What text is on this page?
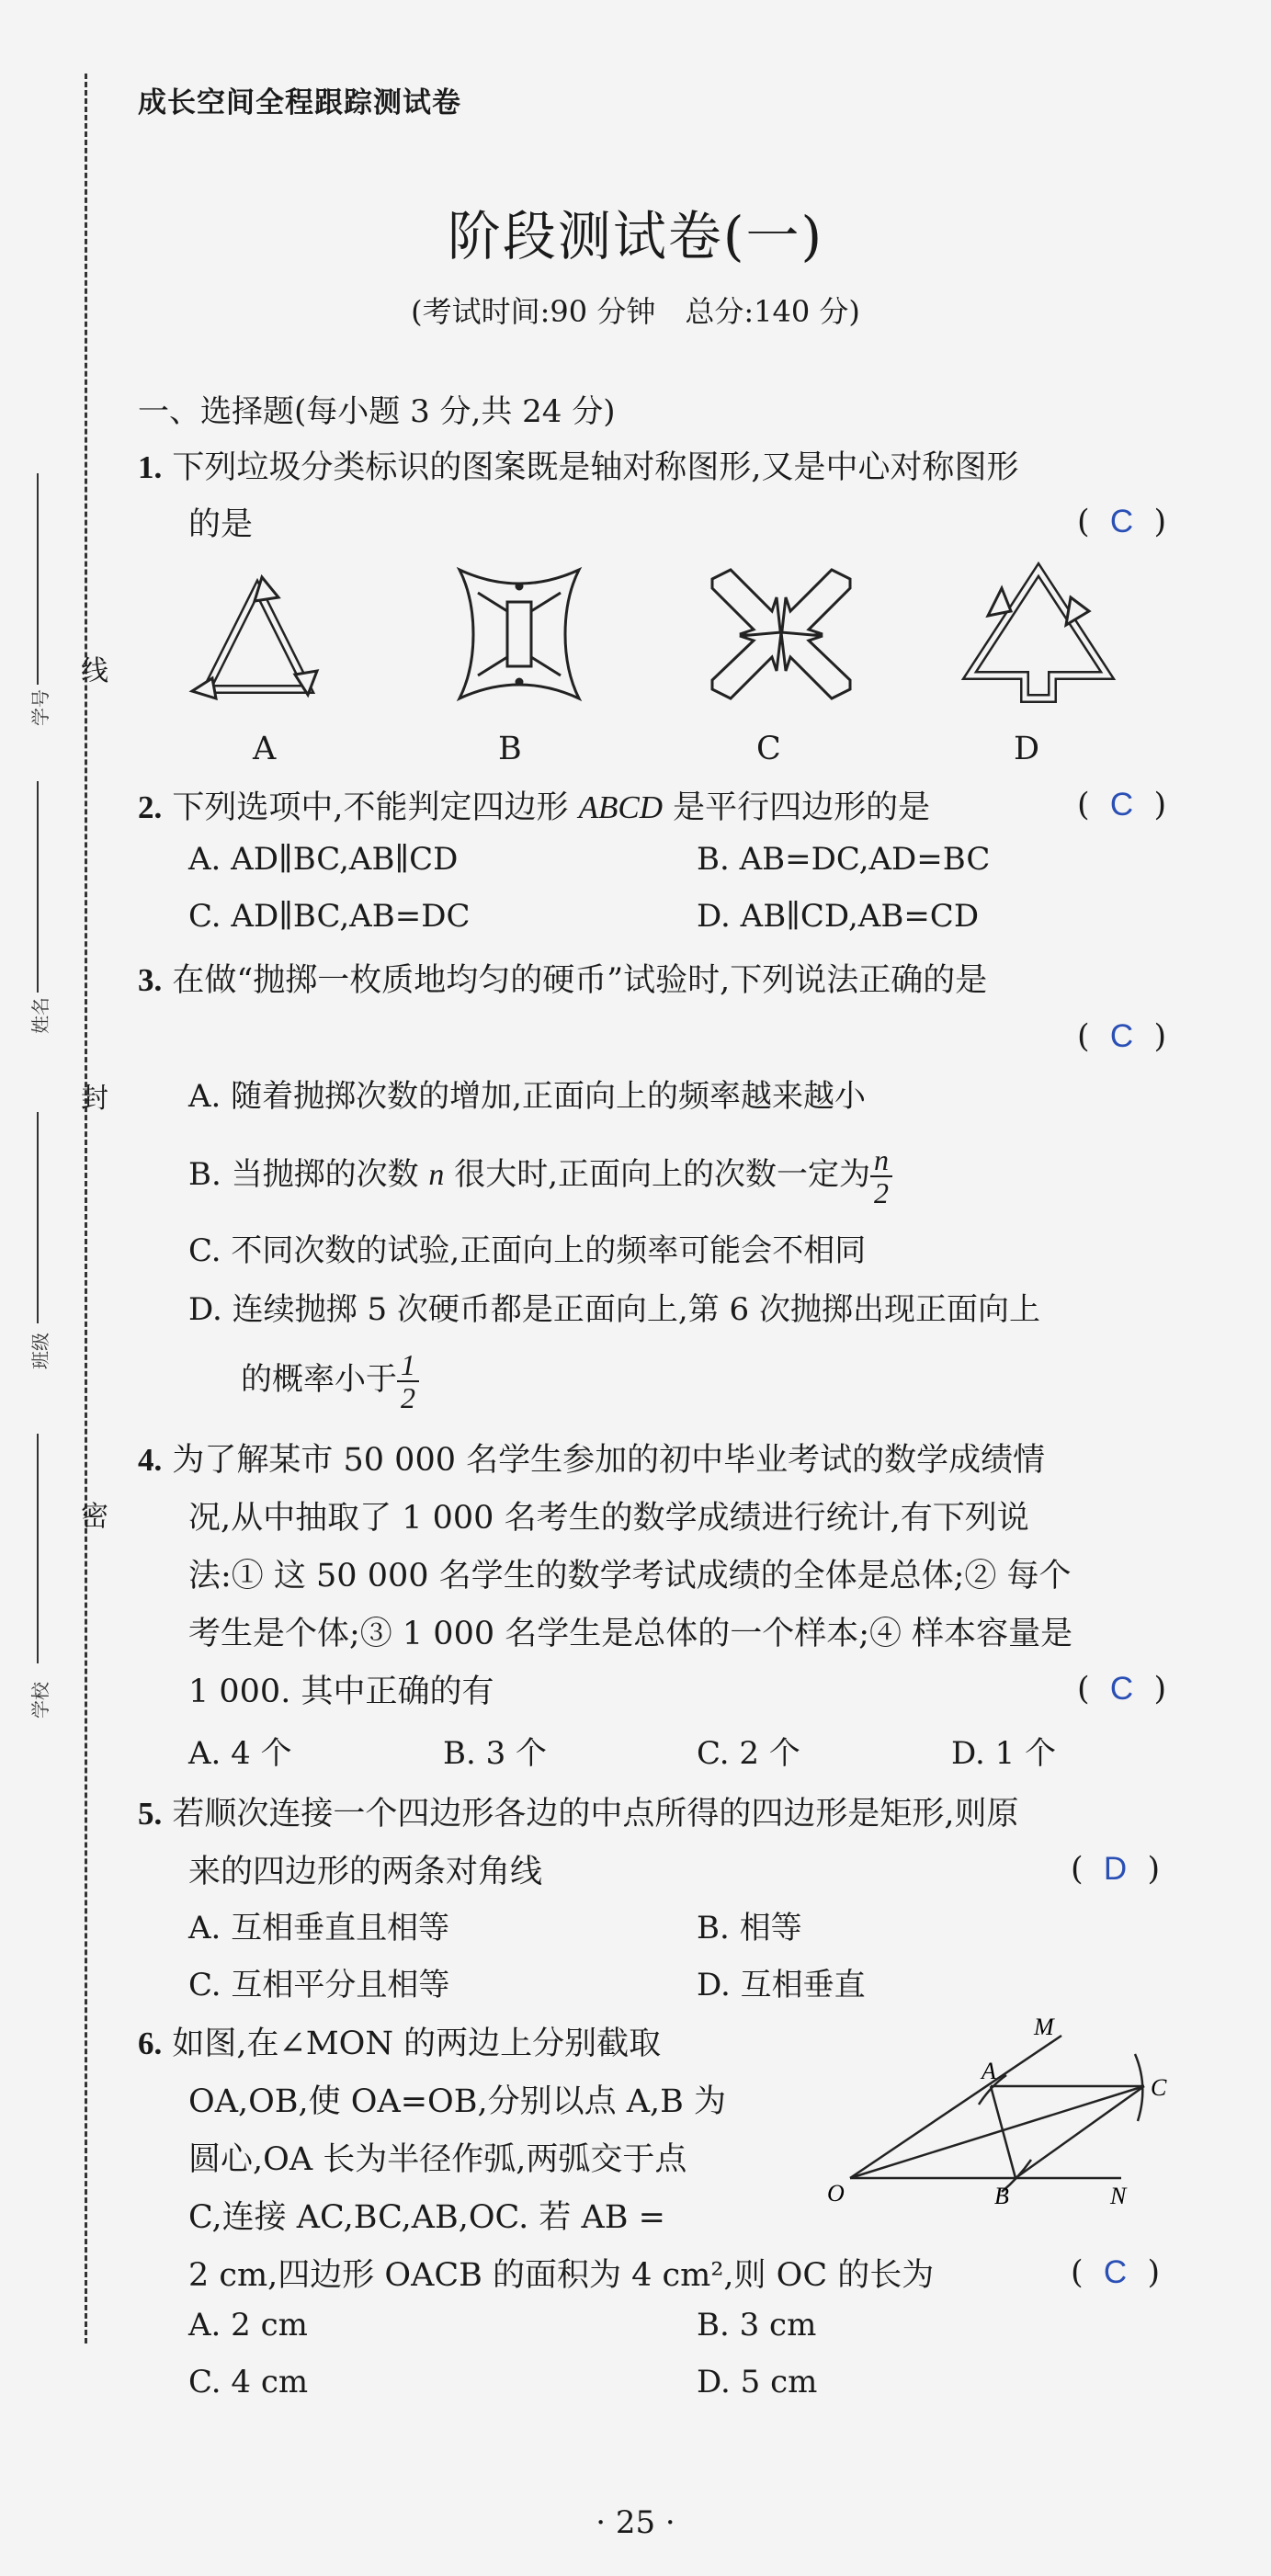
线
封
密
学号
姓名
班级
学校
成长空间全程跟踪测试卷
阶段测试卷(一)
(考试时间:90 分钟　总分:140 分)
一、选择题(每小题 3 分,共 24 分)
1. 下列垃圾分类标识的图案既是轴对称图形,又是中心对称图形
的是	( C )
A	B	C	D
2. 下列选项中,不能判定四边形 ABCD 是平行四边形的是	( C )
A. AD∥BC,AB∥CD	B. AB=DC,AD=BC
C. AD∥BC,AB=DC	D. AB∥CD,AB=CD
3. 在做“抛掷一枚质地均匀的硬币”试验时,下列说法正确的是
( C )
A. 随着抛掷次数的增加,正面向上的频率越来越小
B. 当抛掷的次数 n 很大时,正面向上的次数一定为 $\frac{n}{2}$
C. 不同次数的试验,正面向上的频率可能会不相同
D. 连续抛掷 5 次硬币都是正面向上,第 6 次抛掷出现正面向上
的概率小于 $\frac{1}{2}$
4. 为了解某市 50 000 名学生参加的初中毕业考试的数学成绩情
况,从中抽取了 1 000 名考生的数学成绩进行统计,有下列说
法:① 这 50 000 名学生的数学考试成绩的全体是总体;② 每个
考生是个体;③ 1 000 名学生是总体的一个样本;④ 样本容量是
1 000. 其中正确的有	( C )
A. 4 个	B. 3 个	C. 2 个	D. 1 个
5. 若顺次连接一个四边形各边的中点所得的四边形是矩形,则原
来的四边形的两条对角线	( D )
A. 互相垂直且相等	B. 相等
C. 互相平分且相等	D. 互相垂直
6. 如图,在∠MON 的两边上分别截取
OA,OB,使 OA=OB,分别以点 A,B 为
圆心,OA 长为半径作弧,两弧交于点
C,连接 AC,BC,AB,OC. 若 AB =
2 cm,四边形 OACB 的面积为 4 cm²,则 OC 的长为	( C )
M
A
C
O	B	N
A. 2 cm	B. 3 cm
C. 4 cm	D. 5 cm
· 25 ·
